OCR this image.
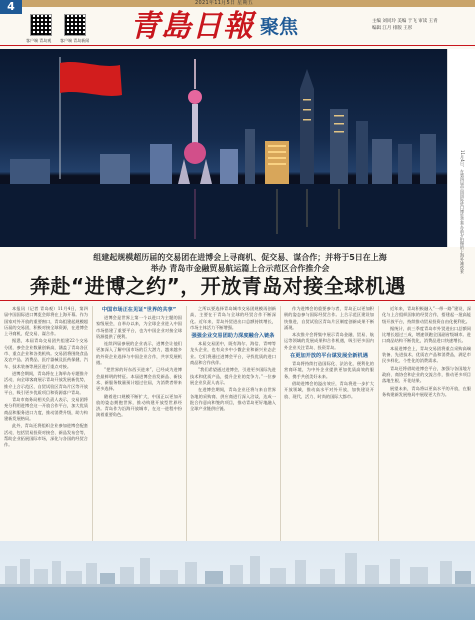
4	2021年11月5日 星期五
客户端 青岛观 客户端 青岛新闻 青島日報 聚焦	主编 刘同玲 美编 于飞 审读 王青
编辑 江月 排版 王彤
11月4日，在第四届中国国际进口博览会举办前夕拍摄的上海外滩夜景
组建起规模超历届的交易团在进博会上寻商机、促交易、谋合作；并将于5日在上海
举办 青岛市金融贸易航运篇上合示范区合作推介会
奔赴“进博之约”，开放青岛对接全球机遇

本报讯（记者 青岛观）11月4日，第四届中国国际进口博览会即将在上海开幕。作为国家对外开放的重要窗口，青岛组建起规模超历届的交易团，积极对接全球资源，在进博会上寻商机、促交易、谋合作。

据悉，本届青岛交易团共组建22个交易分团，参会企业数量创新高，涵盖了青岛各区市、重点企业和各类机构。交易团将围绕食品及农产品、消费品、医疗器械及医药保健、汽车、技术装备等展区进行重点对接。

进博会期间，青岛将在上海举办专题推介活动，向全球客商展示青岛开放发展新优势，推介上合示范区、自贸试验区青岛片区等开放平台，吸引更多优质项目和资源落户青岛。

青岛市商务局相关负责人表示，交易团将充分利用进博会这一开放合作平台，加大优质商品和服务进口力度，推动消费升级，助力构建新发展格局。

此外，青岛还将组织企业参加进博会配套活动，包括贸易投资对接会、新品发布会等，帮助企业拓展国际市场，深化与各国的经贸合作。

中国市场正在见证“世界的共享”

进博会是世界上第一个以进口为主题的国家级展会，自举办以来，为全球企业进入中国市场搭建了重要平台，也为中国企业对接全球资源提供了便利。

连续四届参展的企业表示，进博会让他们更加深入了解中国市场的巨大潜力，越来越多的外资企业选择与中国企业合作，共享发展机遇。

“把世界的好东西买进来”，已经成为进博会最鲜明的特征。本届进博会首发新品、新技术、新服务数量预计超过往届，为消费者带来更多选择。

随着进口规模不断扩大，中国正以更加开放的姿态拥抱世界，推动构建开放型世界经济。青岛作为沿海开放城市，在这一进程中扮演着重要角色。

之所以要选择青岛城市交易团规模再创新高，主要在于青岛与全球的经贸合作不断深化。近年来，青岛外贸进出口总额持续增长，市场主体活力不断增强。

强强企业交易团助力深度融合入链条

本届交易团中，既有海尔、海信、青啤等龙头企业，也有众多中小微企业和新兴业态企业。它们将通过进博会平台，寻找优质的进口商品和合作伙伴。

“我们希望通过进博会，引进更多国际先进技术和优质产品，提升企业的竞争力。”一位参展企业负责人表示。

在进博会期间，青岛企业还将与来自世界各地的采购商、供应商进行深入洽谈，达成一批合作意向和签约项目，推动青岛更好地融入全球产业链供应链。

作为进博会的重要参与者，青岛正以更加积极的姿态参与国际经贸合作。上合示范区建设加快推进，自贸试验区青岛片区制度创新成果不断涌现。

本次推介会将集中展示青岛金融、贸易、航运等领域的发展成果和合作机遇，吸引更多国内外企业关注青岛、投资青岛。

在更加开放的平台谋发展全新机遇

青岛将持续打造国际化、法治化、便利化的营商环境，为中外企业提供更加优质高效的服务，携手共创美好未来。

借助进博会的溢出效应，青岛将进一步扩大开放领域，推动高水平对外开放，加快建设开放、现代、活力、时尚的国际大都市。

近年来，青岛积极融入“一带一路”建设，深化与上合组织国家的经贸合作，搭建起一批高能级开放平台，持续推动贸易投资自由化便利化。

据统计，前三季度青岛市外贸进出口总额同比增长超过三成，增速领跑全国副省级城市。进口商品结构不断优化，消费品进口快速增长。

本届进博会上，青岛交易团将重点采购高端装备、先进技术、优质农产品和消费品，满足市民多样化、个性化的消费需求。

青岛还将借助进博会平台，加强与各国地方政府、商协会和企业的交流合作，推动更多项目落地生根、开花结果。

展望未来，青岛将以更高水平的开放，在服务构建新发展格局中展现更大作为。
